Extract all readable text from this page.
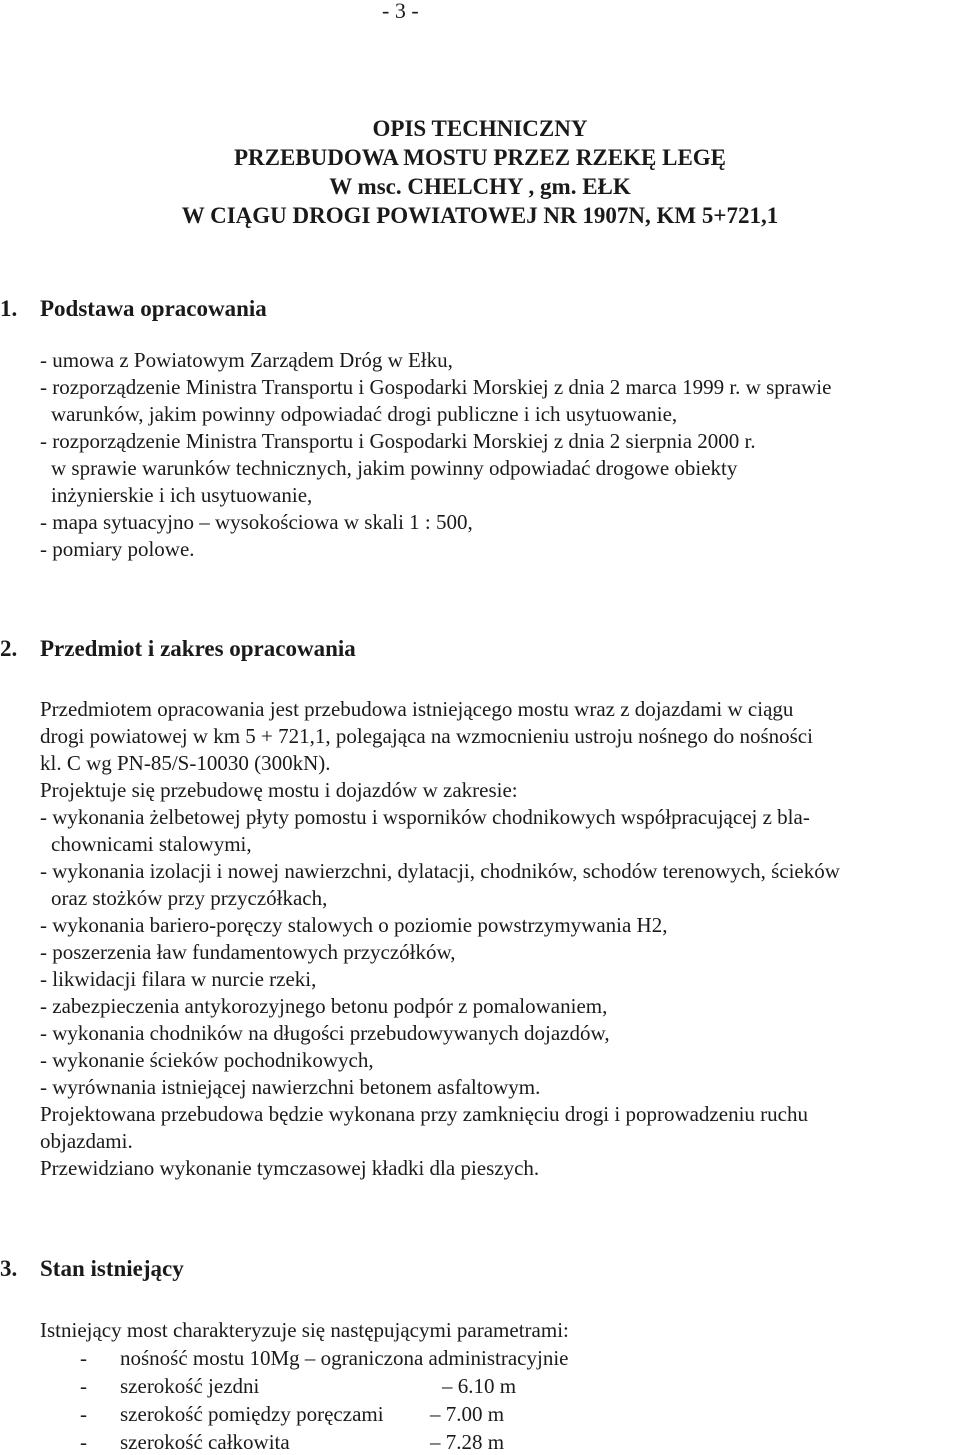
- 3 -
OPIS TECHNICZNY
PRZEBUDOWA MOSTU PRZEZ RZEKĘ LEGĘ
W msc. CHELCHY , gm. EŁK
W CIĄGU DROGI POWIATOWEJ NR 1907N, KM 5+721,1
1. Podstawa opracowania
- umowa z Powiatowym Zarządem Dróg w Ełku,
- rozporządzenie Ministra Transportu i Gospodarki Morskiej z dnia 2 marca 1999 r. w sprawie
warunków, jakim powinny odpowiadać drogi publiczne i ich usytuowanie,
- rozporządzenie Ministra Transportu i Gospodarki Morskiej z dnia 2 sierpnia 2000 r.
w sprawie warunków technicznych, jakim powinny odpowiadać drogowe obiekty
inżynierskie i ich usytuowanie,
- mapa sytuacyjno – wysokościowa w skali 1 : 500,
- pomiary polowe.
2. Przedmiot i zakres opracowania
Przedmiotem opracowania jest przebudowa istniejącego mostu wraz z dojazdami w ciągu
drogi powiatowej w km 5 + 721,1, polegająca na wzmocnieniu ustroju nośnego do nośności
kl. C wg PN-85/S-10030 (300kN).
Projektuje się przebudowę mostu i dojazdów w zakresie:
- wykonania żelbetowej płyty pomostu i wsporników chodnikowych współpracującej z bla-
chownicami stalowymi,
- wykonania izolacji i nowej nawierzchni, dylatacji, chodników, schodów terenowych, ścieków
oraz stożków przy przyczółkach,
- wykonania bariero-poręczy stalowych o poziomie powstrzymywania H2,
- poszerzenia ław fundamentowych przyczółków,
- likwidacji filara w nurcie rzeki,
- zabezpieczenia antykorozyjnego betonu podpór z pomalowaniem,
- wykonania chodników na długości przebudowywanych dojazdów,
- wykonanie ścieków pochodnikowych,
- wyrównania istniejącej nawierzchni betonem asfaltowym.
Projektowana przebudowa będzie wykonana przy zamknięciu drogi i poprowadzeniu ruchu
objazdami.
Przewidziano wykonanie tymczasowej kładki dla pieszych.
3. Stan istniejący
Istniejący most charakteryzuje się następującymi parametrami:
- nośność mostu 10Mg – ograniczona administracyjnie
- szerokość jezdni	– 6.10 m
- szerokość pomiędzy poręczami – 7.00 m
- szerokość całkowita	– 7.28 m
